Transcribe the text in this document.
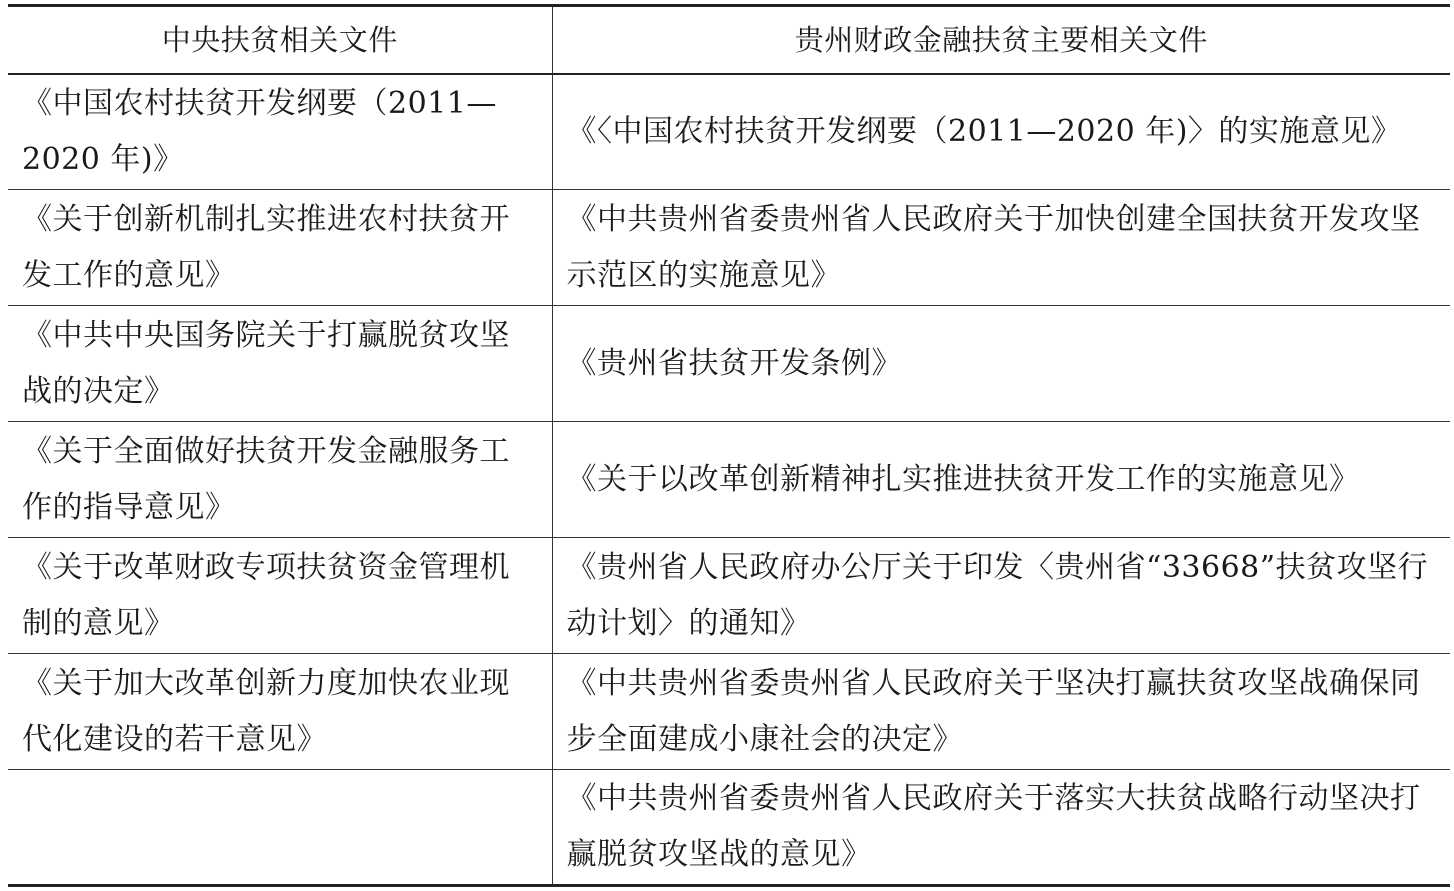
中央扶贫相关文件	贵州财政金融扶贫主要相关文件
《中国农村扶贫开发纲要（2011—2020 年)》	《〈中国农村扶贫开发纲要（2011—2020 年)〉的实施意见》
《关于创新机制扎实推进农村扶贫开发工作的意见》	《中共贵州省委贵州省人民政府关于加快创建全国扶贫开发攻坚示范区的实施意见》
《中共中央国务院关于打赢脱贫攻坚战的决定》	《贵州省扶贫开发条例》
《关于全面做好扶贫开发金融服务工作的指导意见》	《关于以改革创新精神扎实推进扶贫开发工作的实施意见》
《关于改革财政专项扶贫资金管理机制的意见》	《贵州省人民政府办公厅关于印发〈贵州省“33668”扶贫攻坚行动计划〉的通知》
《关于加大改革创新力度加快农业现代化建设的若干意见》	《中共贵州省委贵州省人民政府关于坚决打赢扶贫攻坚战确保同步全面建成小康社会的决定》
	《中共贵州省委贵州省人民政府关于落实大扶贫战略行动坚决打赢脱贫攻坚战的意见》
